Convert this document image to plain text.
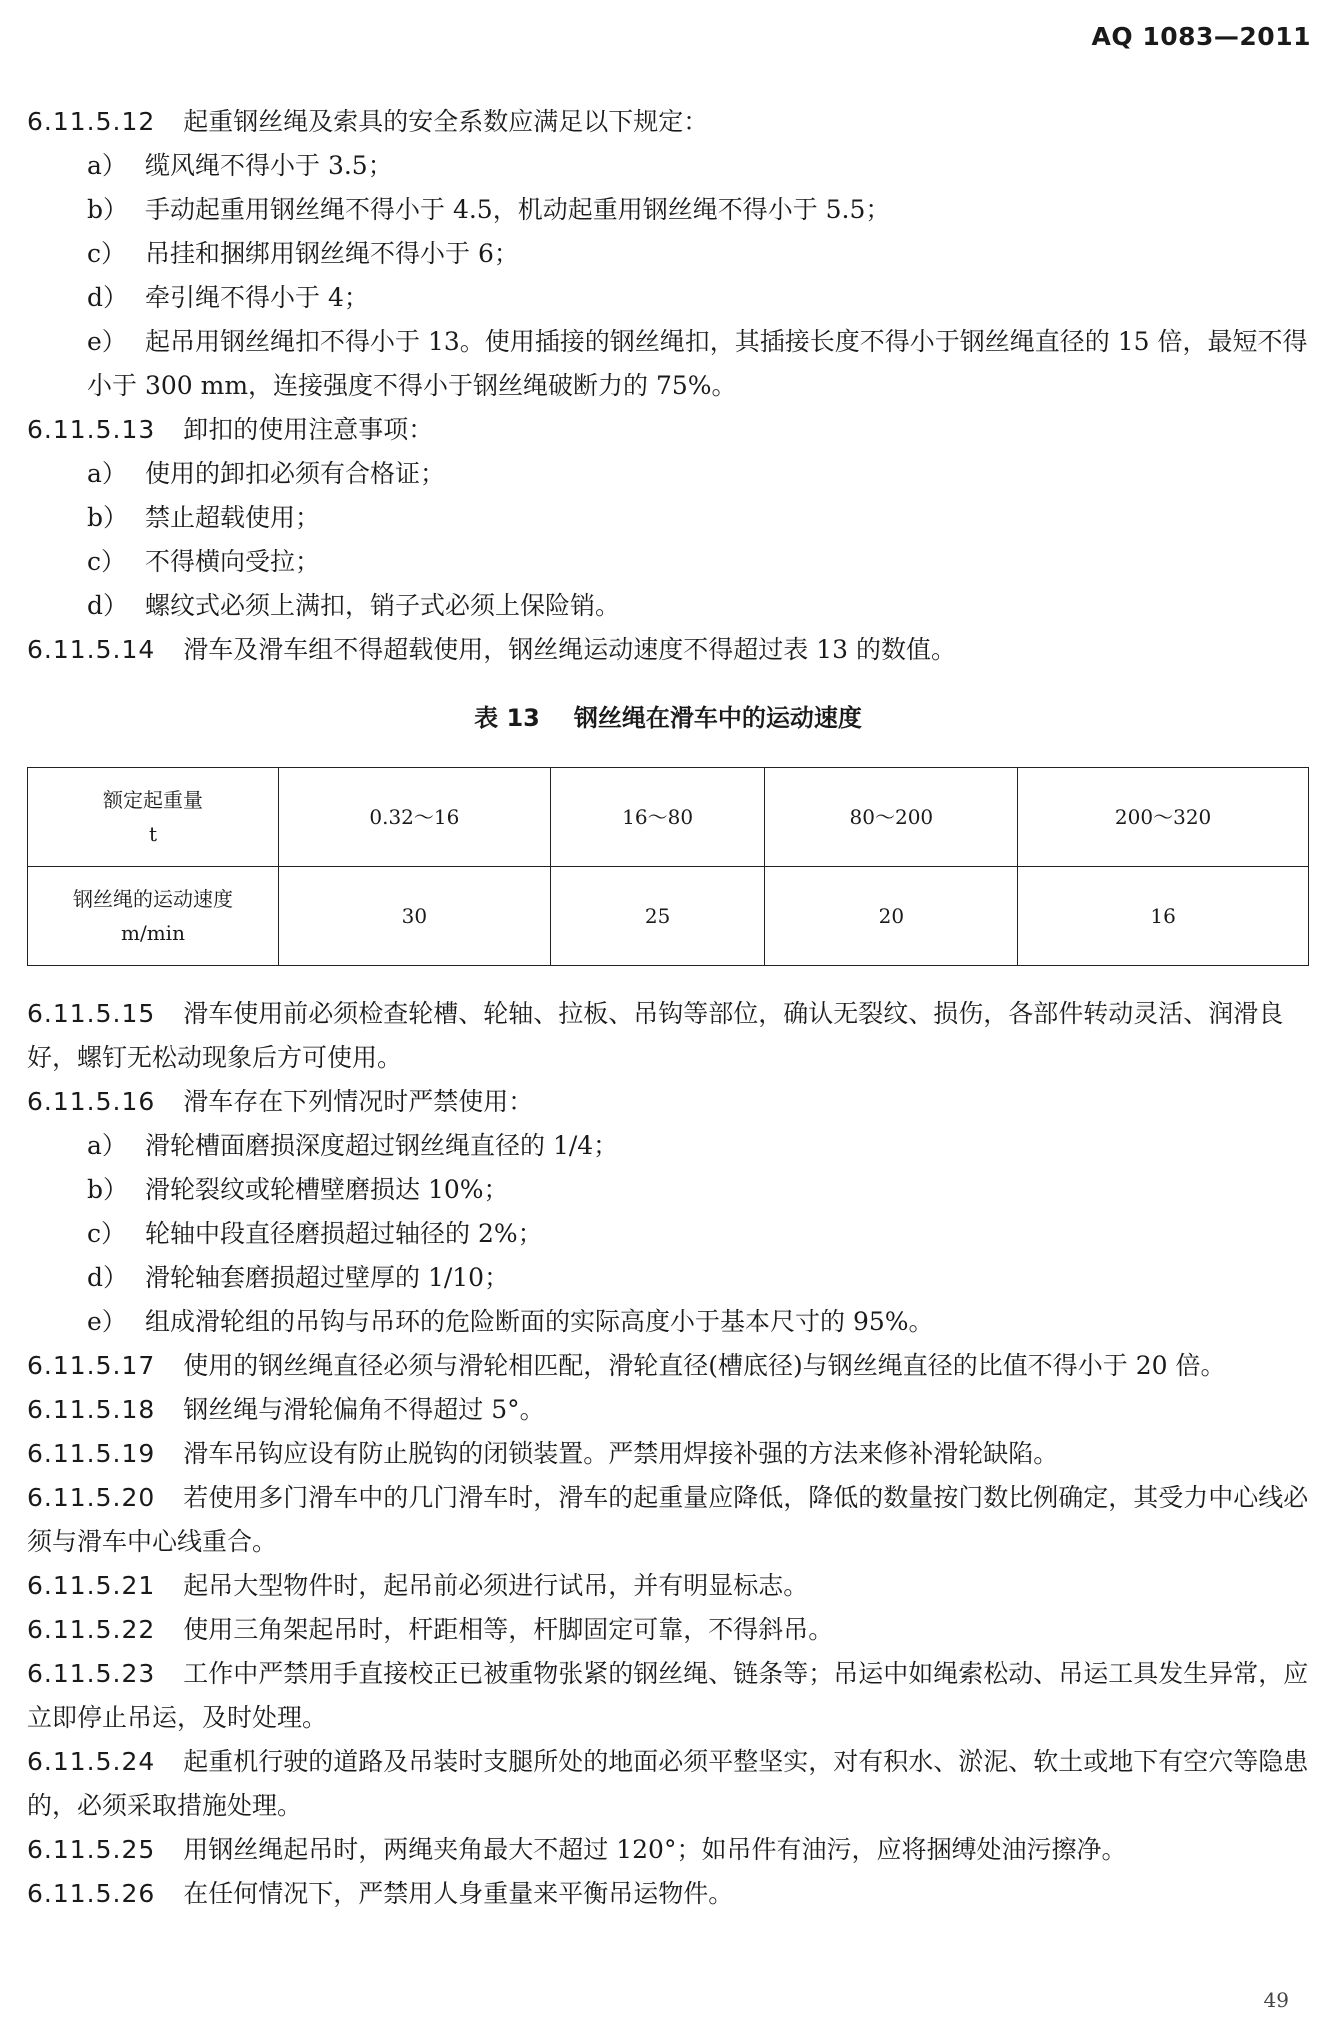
AQ 1083—2011

6.11.5.12 起重钢丝绳及索具的安全系数应满足以下规定：

a） 缆风绳不得小于 3.5；

b） 手动起重用钢丝绳不得小于 4.5，机动起重用钢丝绳不得小于 5.5；

c） 吊挂和捆绑用钢丝绳不得小于 6；

d） 牵引绳不得小于 4；

e） 起吊用钢丝绳扣不得小于 13。使用插接的钢丝绳扣，其插接长度不得小于钢丝绳直径的 15 倍，最短不得小于 300 mm，连接强度不得小于钢丝绳破断力的 75%。

6.11.5.13 卸扣的使用注意事项：

a） 使用的卸扣必须有合格证；

b） 禁止超载使用；

c） 不得横向受拉；

d） 螺纹式必须上满扣，销子式必须上保险销。

6.11.5.14 滑车及滑车组不得超载使用，钢丝绳运动速度不得超过表 13 的数值。

表 13 钢丝绳在滑车中的运动速度
额定起重量
t	0.32～16	16～80	80～200	200～320

钢丝绳的运动速度
m/min	30	25	20	16

6.11.5.15 滑车使用前必须检查轮槽、轮轴、拉板、吊钩等部位，确认无裂纹、损伤，各部件转动灵活、润滑良好，螺钉无松动现象后方可使用。

6.11.5.16 滑车存在下列情况时严禁使用：

a） 滑轮槽面磨损深度超过钢丝绳直径的 1/4；

b） 滑轮裂纹或轮槽壁磨损达 10%；

c） 轮轴中段直径磨损超过轴径的 2%；

d） 滑轮轴套磨损超过壁厚的 1/10；

e） 组成滑轮组的吊钩与吊环的危险断面的实际高度小于基本尺寸的 95%。

6.11.5.17 使用的钢丝绳直径必须与滑轮相匹配，滑轮直径(槽底径)与钢丝绳直径的比值不得小于 20 倍。

6.11.5.18 钢丝绳与滑轮偏角不得超过 5°。

6.11.5.19 滑车吊钩应设有防止脱钩的闭锁装置。严禁用焊接补强的方法来修补滑轮缺陷。

6.11.5.20 若使用多门滑车中的几门滑车时，滑车的起重量应降低，降低的数量按门数比例确定，其受力中心线必须与滑车中心线重合。

6.11.5.21 起吊大型物件时，起吊前必须进行试吊，并有明显标志。

6.11.5.22 使用三角架起吊时，杆距相等，杆脚固定可靠，不得斜吊。

6.11.5.23 工作中严禁用手直接校正已被重物张紧的钢丝绳、链条等；吊运中如绳索松动、吊运工具发生异常，应立即停止吊运，及时处理。

6.11.5.24 起重机行驶的道路及吊装时支腿所处的地面必须平整坚实，对有积水、淤泥、软土或地下有空穴等隐患的，必须采取措施处理。

6.11.5.25 用钢丝绳起吊时，两绳夹角最大不超过 120°；如吊件有油污，应将捆缚处油污擦净。

6.11.5.26 在任何情况下，严禁用人身重量来平衡吊运物件。

49
